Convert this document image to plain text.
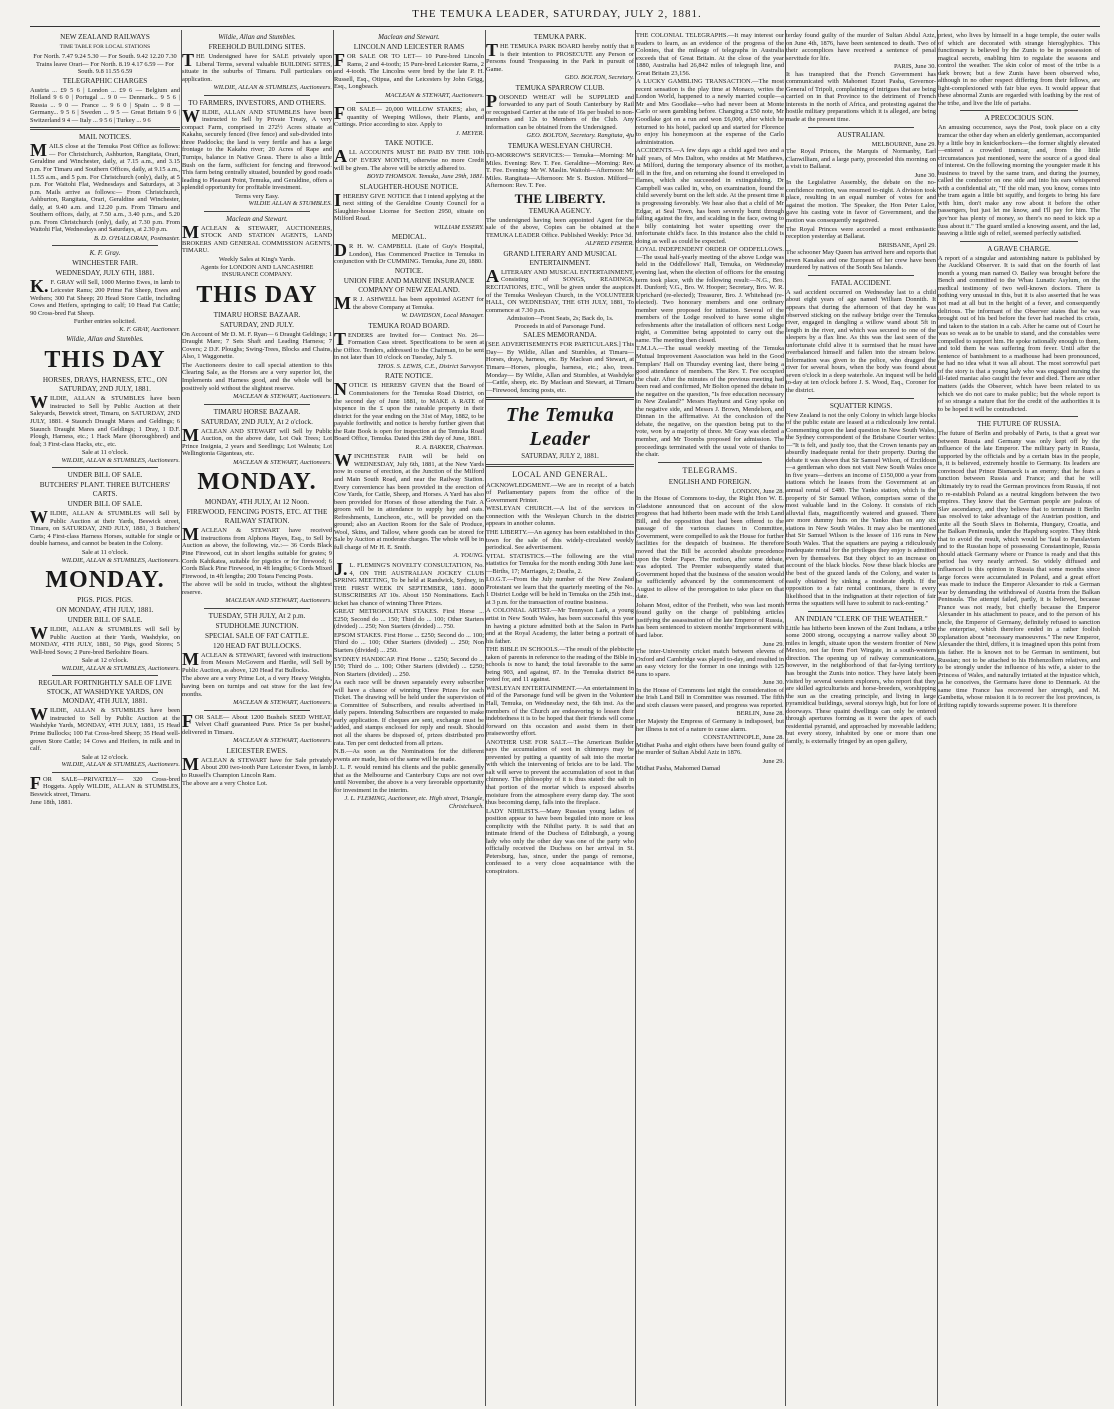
THE TEMUKA LEADER, SATURDAY, JULY 2, 1881.
NEW ZEALAND RAILWAYS
TIME TABLE FOR LOCAL STATIONS

For North. 7.47 9.24 5.30 — For South. 9.42 12.20 7.30

Trains leave Orari— For North. 8.19 4.17 6.59 — For South. 9.8 11.55 6.59

TELEGRAPHIC CHARGES

Austria ... £9 5 6 | London ... £9 6 — Belgium and Holland 9 6 0 | Portugal ... 9 0 — Denmark... 9 5 6 | Russia ... 9 0 — France ... 9 6 0 | Spain ... 9 8 — Germany... 9 5 6 | Sweden ... 9 5 — Great Britain 9 6 | Switzerland 9 4 — Italy ... 9 5 6 | Turkey ... 9 6

MAIL NOTICES.

MAILS close at the Temuka Post Office as follows:— For Christchurch, Ashburton, Rangitata, Orari, Geraldine and Winchester, daily, at 7.15 a.m., and 3.15 p.m. For Timaru and Southern Offices, daily, at 9.15 a.m., 11.55 a.m., and 5 p.m. For Christchurch (only), daily, at 5 p.m. For Waitohi Flat, Wednesdays and Saturdays, at 3 p.m. Mails arrive as follows:— From Christchurch, Ashburton, Rangitata, Orari, Geraldine and Winchester, daily, at 9.40 a.m. and 12.20 p.m. From Timaru and Southern offices, daily, at 7.50 a.m., 3.40 p.m., and 5.20 p.m. From Christchurch (only), daily, at 7.30 p.m. From Waitohi Flat, Wednesdays and Saturdays, at 2.30 p.m.

B. D. O'HALLORAN, Postmaster.

K. F. Gray.
WINCHESTER FAIR.
WEDNESDAY, JULY 6TH, 1881.

K.F. GRAY will Sell, 1000 Merino Ewes, in lamb to Leicester Rams; 200 Prime Fat Sheep, Ewes and Wethers; 300 Fat Sheep; 20 Head Store Cattle, including Cows and Heifers, springing to calf; 10 Head Fat Cattle; 90 Cross-bred Fat Sheep.

Further entries solicited.

K. F. GRAY, Auctioneer.

Wildie, Allan and Stumbles.
THIS DAY
HORSES, DRAYS, HARNESS, ETC., ON SATURDAY, 2ND JULY, 1881.

WILDIE, ALLAN & STUMBLES have been instructed to Sell by Public Auction at their Saleyards, Beswick street, Timaru, on SATURDAY, 2ND JULY, 1881. 4 Staunch Draught Mares and Geldings; 6 Staunch Draught Mares and Geldings; 1 Dray, 1 D.F. Plough, Harness, etc.; 1 Hack Mare (thoroughbred) and foal; 3 First-class Hacks, etc., etc.

Sale at 11 o'clock.

WILDIE, ALLAN & STUMBLES, Auctioneers.

UNDER BILL OF SALE.
BUTCHERS' PLANT. THREE BUTCHERS' CARTS.
UNDER BILL OF SALE.

WILDIE, ALLAN & STUMBLES will Sell by Public Auction at their Yards, Beswick street, Timaru, on SATURDAY, 2ND JULY, 1881, 3 Butchers' Carts; 4 First-class Harness Horses, suitable for single or double harness, and cannot be beaten in the Colony.

Sale at 11 o'clock.

WILDIE, ALLAN & STUMBLES, Auctioneers.

MONDAY.
PIGS. PIGS. PIGS.
ON MONDAY, 4TH JULY, 1881.
UNDER BILL OF SALE.

WILDIE, ALLAN & STUMBLES will Sell by Public Auction at their Yards, Washdyke, on MONDAY, 4TH JULY, 1881, 50 Pigs, good Stores; 5 Well-bred Sows; 2 Pure-bred Berkshire Boars.

Sale at 12 o'clock.

WILDIE, ALLAN & STUMBLES, Auctioneers.

REGULAR FORTNIGHTLY SALE OF LIVE STOCK, AT WASHDYKE YARDS, ON MONDAY, 4TH JULY, 1881.

WILDIE, ALLAN & STUMBLES have been instructed to Sell by Public Auction at the Washdyke Yards, MONDAY, 4TH JULY, 1881, 15 Head Prime Bullocks; 100 Fat Cross-bred Sheep; 35 Head well-grown Store Cattle; 14 Cows and Heifers, in milk and in calf.

Sale at 12 o'clock.

WILDIE, ALLAN & STUMBLES, Auctioneers.

FOR SALE—PRIVATELY— 320 Cross-bred Hoggets. Apply WILDIE, ALLAN & STUMBLES, Beswick street, Timaru.

June 18th, 1881.

Wildie, Allan and Stumbles.
FREEHOLD BUILDING SITES.

THE Undersigned have for SALE privately upon Liberal Terms, several valuable BUILDING SITES, situate in the suburbs of Timaru. Full particulars on application.

WILDIE, ALLAN & STUMBLES, Auctioneers.

TO FARMERS, INVESTORS, AND OTHERS.

WILDIE, ALLAN AND STUMBLES have been instructed to Sell by Private Treaty, A very compact Farm, comprised in 272½ Acres situate at Kakahu, securely fenced (five fence) and sub-divided into three Paddocks; the land is very fertile and has a large frontage to the Kakahu river; 20 Acres of Rape and Turnips, balance in Native Grass. There is also a little Bush on the farm, sufficient for fencing and firewood. This farm being centrally situated, bounded by good roads leading to Pleasant Point, Temuka, and Geraldine, offers a splendid opportunity for profitable investment.

Terms very Easy.

WILDIE ALLAN & STUMBLES.

Maclean and Stewart.

MACLEAN & STEWART, AUCTIONEERS, STOCK AND STATION AGENTS, LAND BROKERS AND GENERAL COMMISSION AGENTS, TIMARU.

Weekly Sales at King's Yards.

Agents for LONDON AND LANCASHIRE INSURANCE COMPANY.

THIS DAY
TIMARU HORSE BAZAAR.
SATURDAY, 2ND JULY.

On Account of Mr D. M. F. Ryan— 6 Draught Geldings; 1 Draught Mare; 7 Sets Shaft and Leading Harness; 7 Covers; 2 D.F. Ploughs; Swing-Trees, Blocks and Chains, Also, 1 Waggonette.

The Auctioneers desire to call special attention to this Clearing Sale, as the Horses are a very superior lot, the Implements and Harness good, and the whole will be positively sold without the slightest reserve.

MACLEAN & STEWART, Auctioneers.

TIMARU HORSE BAZAAR.
SATURDAY, 2ND JULY, At 2 o'clock.

MACLEAN AND STEWART will Sell by Public Auction, on the above date, Lot Oak Trees; Lot Prince Insignia, 2 years and Seedlings; Lot Walnuts; Lot Wellingtonia Giganteas, etc.

MACLEAN & STEWART, Auctioneers.

MONDAY.
MONDAY, 4TH JULY, At 12 Noon.
FIREWOOD, FENCING POSTS, ETC. AT THE RAILWAY STATION.

MACLEAN & STEWART have received instructions from Alphons Hayes, Esq., to Sell by Auction as above, the following, viz.:— 36 Cords Black Pine Firewood, cut in short lengths suitable for grates; 9 Cords Kahikatea, suitable for pigstics or for firewood; 6 Cords Black Pine Firewood, in 4ft lengths; 6 Cords Mixed Firewood, in 4ft lengths; 200 Totara Fencing Posts.

The above will be sold in trucks, without the slightest reserve.

MACLEAN AND STEWART, Auctioneers.

TUESDAY, 5TH JULY, At 2 p.m.
STUDHOLME JUNCTION.
SPECIAL SALE OF FAT CATTLE.
120 HEAD FAT BULLOCKS.

MACLEAN & STEWART, favored with instructions from Messrs McGovern and Hardie, will Sell by Public Auction, as above, 120 Head Fat Bullocks.

The above are a very Prime Lot, a d very Heavy Weights, having been on turnips and oat straw for the last few months.

MACLEAN & STEWART, Auctioneers.

FOR SALE— About 1200 Bushels SEED WHEAT, Velvet Chaff guaranteed Pure. Price 5s per bushel, delivered in Timaru.

MACLEAN & STEWART, Auctioneers.

LEICESTER EWES.

MACLEAN & STEWART have for Sale privately About 200 two-tooth Pure Leicester Ewes, in lamb to Russell's Champion Lincoln Ram.

The above are a very Choice Lot.

Maclean and Stewart.
LINCOLN AND LEICESTER RAMS

FOR SALE OR TO LET— 10 Pure-bred Lincoln Rams, 2 and 4-tooth; 15 Pure-bred Leicester Rams, 2 and 4-tooth. The Lincolns were bred by the late P. H. Russell, Esq., Otipua, and the Leicesters by John Grigg, Esq., Longbeach.

MACLEAN & STEWART, Auctioneers.

FOR SALE— 20,000 WILLOW STAKES; also, a quantity of Weeping Willows, their Plants, and Cuttings. Price according to size. Apply to

J. MEYER.

TAKE NOTICE.

ALL ACCOUNTS MUST BE PAID BY THE 10th OF EVERY MONTH, otherwise no more Credit will be given. The above will be strictly adhered to.

BOYD THOMSON. Temuka, June 29th, 1881.

SLAUGHTER-HOUSE NOTICE.

IHEREBY GIVE NOTICE that I intend applying at the next sitting of the Geraldine County Council for a Slaughter-house License for Section 2950, situate on Milford Road.

WILLIAM ESSERY.

MEDICAL.

DR H. W. CAMPBELL (Late of Guy's Hospital, London), Has Commenced Practice in Temuka in conjunction with Dr CUMMING. Temuka, June 20, 1880.

NOTICE.
UNION FIRE AND MARINE INSURANCE COMPANY OF NEW ZEALAND.

MR J. ASHWELL has been appointed AGENT for the above Company at Temuka.

W. DAVIDSON, Local Manager.

TEMUKA ROAD BOARD.

TENDERS are Invited for— Contract No. 26—Formation Cass street. Specifications to be seen at the Office. Tenders, addressed to the Chairman, to be sent in not later than 10 o'clock on Tuesday, July 5.

THOS. S. LEWIS, C.E., District Surveyor.

RATE NOTICE.

NOTICE IS HEREBY GIVEN that the Board of Commissioners for the Temuka Road District, on the second day of June 1881, to MAKE A RATE of sixpence in the £ upon the rateable property in their district for the year ending on the 31st of May, 1882, to be payable forthwith; and notice is hereby further given that the Rate Book is open for inspection at the Temuka Road Board Office, Temuka. Dated this 29th day of June, 1881.

R. A. BARKER, Chairman.

WINCHESTER FAIR will be held on WEDNESDAY, July 6th, 1881, at the New Yards now in course of erection, at the Junction of the Milford and Main South Road, and near the Railway Station. Every convenience has been provided in the erection of Cow Yards, for Cattle, Sheep, and Horses. A Yard has also been provided for Horses of those attending the Fair. A groom will be in attendance to supply hay and oats. Refreshments, Luncheon, etc., will be provided on the ground; also an Auction Room for the Sale of Produce, Wool, Skins, and Tallow, where goods can be stored for Sale by Auction at moderate charges. The whole will be in full charge of Mr H. E. Smith.

A. YOUNG.

J.L. FLEMING'S NOVELTY CONSULTATION, No. 4, ON THE AUSTRALIAN JOCKEY CLUB SPRING MEETING, To be held at Randwick, Sydney, in THE FIRST WEEK IN SEPTEMBER, 1881. 8000 SUBSCRIBERS AT 10s. About 150 Nominations. Each ticket has chance of winning Three Prizes.

GREAT METROPOLITAN STAKES. First Horse ... £250; Second do ... 150; Third do ... 100; Other Starters (divided) ... 250; Non Starters (divided) ... 750.

EPSOM STAKES. First Horse ... £250; Second do ... 100; Third do ... 100; Other Starters (divided) ... 250; Non Starters (divided) ... 250.

SYDNEY HANDICAP. First Horse ... £250; Second do ... 150; Third do ... 100; Other Starters (divided) ... £250; Non Starters (divided) ... 250.

As each race will be drawn separately every subscriber will have a chance of winning Three Prizes for each Ticket. The drawing will be held under the supervision of a Committee of Subscribers, and results advertised in daily papers. Intending Subscribers are requested to make early application. If cheques are sent, exchange must be added, and stamps enclosed for reply and result. Should not all the shares be disposed of, prizes distributed pro rata. Ten per cent deducted from all prizes.

N.B.—As soon as the Nominations for the different events are made, lists of the same will be made.

J. L. F. would remind his clients and the public generally that as the Melbourne and Canterbury Cups are not over until November, the above is a very favorable opportunity for investment in the interim.

J. L. FLEMING, Auctioneer, etc. High street, Triangle, Christchurch.

TEMUKA PARK.

THE TEMUKA PARK BOARD hereby notify that it is their intention to PROSECUTE any Person or Persons found Trespassing in the Park in pursuit of Game.

GEO. BOLTON, Secretary.

TEMUKA SPARROW CLUB.

POISONED WHEAT will be SUPPLIED and forwarded to any part of South Canterbury by Rail or recognised Carrier at the rate of 16s per bushel to non-members and 12s to Members of the Club. Any information can be obtained from the Undersigned.

GEO. BOLTON, Secretary. Rangitata, 4ju

TEMUKA WESLEYAN CHURCH.

TO-MORROW'S SERVICES:— Temuka—Morning: Mr Miles. Evening: Rev. T. Fee. Geraldine—Morning: Rev. T. Fee. Evening: Mr W. Maslin. Waitohi—Afternoon: Mr Miles. Rangitata—Afternoon: Mr S. Buxton. Milford—Afternoon: Rev. T. Fee.

THE LIBERTY.
TEMUKA AGENCY.

The undersigned having been appointed Agent for the sale of the above, Copies can be obtained at the TEMUKA LEADER Office. Published Weekly: Price 3d.

ALFRED FISHER.

GRAND LITERARY AND MUSICAL ENTERTAINMENT.

ALITERARY AND MUSICAL ENTERTAINMENT, Consisting of SONGS, READINGS, RECITATIONS, ETC., Will be given under the auspices of the Temuka Wesleyan Church, in the VOLUNTEER HALL, ON WEDNESDAY, THE 6TH JULY, 1881, To commence at 7.30 p.m.

Admission—Front Seats, 2s; Back do, 1s.

Proceeds in aid of Parsonage Fund.

SALES MEMORANDA.

[SEE ADVERTISEMENTS FOR PARTICULARS.] This Day— By Wildie, Allan and Stumbles, at Timaru—Horses, drays, harness, etc. By Maclean and Stewart, at Timaru—Horses, ploughs, harness, etc.; also, trees. Monday— By Wildie, Allan and Stumbles, at Washdyke—Cattle, sheep, etc. By Maclean and Stewart, at Timaru—Firewood, fencing posts, etc.

The Temuka Leader
SATURDAY, JULY 2, 1881.
LOCAL AND GENERAL.

ACKNOWLEDGMENT.—We are in receipt of a batch of Parliamentary papers from the office of the Government Printer.

WESLEYAN CHURCH.—A list of the services in connection with the Wesleyan Church in the district appears in another column.

THE LIBERTY.—An agency has been established in this town for the sale of this widely-circulated weekly periodical. See advertisement.

VITAL STATISTICS.—The following are the vital statistics for Temuka for the month ending 30th June last:—Births, 17; Marriages, 2; Deaths, 2.

I.O.G.T.—From the July number of the New Zealand Protestant we learn that the quarterly meeting of the No. 1 District Lodge will be held in Temuka on the 25th inst., at 3 p.m. for the transaction of routine business.

A COLONIAL ARTIST.—Mr Tennyson Lark, a young artist in New South Wales, has been successful this year in having a picture admitted both at the Salon in Paris and at the Royal Academy, the latter being a portrait of his father.

THE BIBLE IN SCHOOLS.—The result of the plebiscite taken of parents in reference to the reading of the Bible in schools is now to hand; the total favorable to the same being 903, and against, 87. In the Temuka district 84 voted for, and 11 against.

WESLEYAN ENTERTAINMENT.—An entertainment in aid of the Parsonage fund will be given in the Volunteer Hall, Temuka, on Wednesday next, the 6th inst. As the members of the Church are endeavoring to lessen their indebtedness it is to be hoped that their friends will come forward on this occasion and assist them in their praiseworthy effort.

ANOTHER USE FOR SALT.—The American Builder says the accumulation of soot in chimneys may be prevented by putting a quantity of salt into the mortar with which the intervening of bricks are to be laid. The salt will serve to prevent the accumulation of soot in that chimney. The philosophy of it is thus stated: the salt in that portion of the mortar which is exposed absorbs moisture from the atmosphere every damp day. The soot thus becoming damp, falls into the fireplace.

LADY NIHILISTS.—Many Russian young ladies of position appear to have been beguiled into more or less complicity with the Nihilist party. It is said that an intimate friend of the Duchess of Edinburgh, a young lady who only the other day was one of the party who officially received the Duchess on her arrival in St. Petersburg, has, since, under the pangs of remorse, confessed to a very close acquaintance with the conspirators.

THE COLONIAL TELEGRAPHS.—It may interest our readers to learn, as an evidence of the progress of the Colonies, that the mileage of telegraphs in Australia exceeds that of Great Britain. At the close of the year 1880, Australia had 26,842 miles of telegraph line, and Great Britain 23,156.

A LUCKY GAMBLING TRANSACTION.—The most recent sensation is the play time at Monaco, writes the London World, happened to a newly married couple—a Mr and Mrs Goodlake—who had never been at Monte Carlo or seen gambling before. Changing a £50 note, Mr Goodlake got on a run and won £6,000, after which he returned to his hotel, packed up and started for Florence to enjoy his honeymoon at the expense of the Carlo administration.

ACCIDENTS.—A few days ago a child aged two and a half years, of Mrs Dalton, who resides at Mr Matthews, at Milford, during the temporary absence of its mother, fell in the fire, and on returning she found it enveloped in flames, which she succeeded in extinguishing. Dr Campbell was called in, who, on examination, found the child severely burnt on the left side. At the present time it is progressing favorably. We hear also that a child of Mr Edgar, at Seal Town, has been severely burnt through falling against the fire, and scalding in the face, owing to a billy containing hot water upsetting over the unfortunate child's face. In this instance also the child is doing as well as could be expected.

LOYAL INDEPENDENT ORDER OF ODDFELLOWS.—The usual half-yearly meeting of the above Lodge was held in the Oddfellows' Hall, Temuka, on Wednesday evening last, when the election of officers for the ensuing term took place, with the following result:—N.G., Bro. H. Dunford; V.G., Bro. W. Hooper; Secretary, Bro. W. R. Uprichard (re-elected); Treasurer, Bro. J. Whitehead (re-elected). Two honorary members and one ordinary member were proposed for initiation. Several of the members of the Lodge resolved to have some slight refreshments after the installation of officers next Lodge night, a Committee being appointed to carry out the same. The meeting then closed.

T.M.I.A.—The usual weekly meeting of the Temuka Mutual Improvement Association was held in the Good Templars' Hall on Thursday evening last, there being a good attendance of members. The Rev. T. Fee occupied the chair. After the minutes of the previous meeting had been read and confirmed, Mr Bolton opened the debate in the negative on the question, "Is free education necessary in New Zealand?" Messrs Hayhurst and Gray spoke on the negative side, and Messrs J. Brown, Mendelson, and Dinnan in the affirmative. At the conclusion of the debate, the negative, on the question being put to the vote, won by a majority of three. Mr Gray was elected a member, and Mr Toombs proposed for admission. The proceedings terminated with the usual vote of thanks to the chair.

TELEGRAMS.
ENGLISH AND FOREIGN.

LONDON, June 28.

In the House of Commons to-day, the Right Hon W. E. Gladstone announced that on account of the slow progress that had hitherto been made with the Irish Land Bill, and the opposition that had been offered to the passage of the various clauses in Committee, Government, were compelled to ask the House for further facilities for the despatch of business. He therefore moved that the Bill be accorded absolute precedence upon the Order Paper. The motion, after some debate, was adopted. The Premier subsequently stated that Government hoped that the business of the session would be sufficiently advanced by the commencement of August to allow of the prorogation to take place on that date.

Johann Most, editor of the Freiheit, who was last month found guilty on the charge of publishing articles justifying the assassination of the late Emperor of Russia, has been sentenced to sixteen months' imprisonment with hard labor.

June 29.

The inter-University cricket match between elevens of Oxford and Cambridge was played to-day, and resulted in an easy victory for the former in one innings with 125 runs to spare.

June 30.

In the House of Commons last night the consideration of the Irish Land Bill in Committee was resumed. The fifth and sixth clauses were passed, and progress was reported.

BERLIN, June 28.

Her Majesty the Empress of Germany is indisposed, but her illness is not of a nature to cause alarm.

CONSTANTINOPLE, June 28.

Midhat Pasha and eight others have been found guilty of the murder of Sultan Abdul Aziz in 1876.

June 29.

Midhat Pasha, Mahomed Damad

terday found guilty of the murder of Sultan Abdul Aziz, on June 4th, 1876, have been sentenced to death. Two of their accomplices have received a sentence of penal servitude for life.

PARIS, June 30.

It has transpired that the French Government has communicated with Mahomet Ezzet Pasha, Governor-General of Tripoli, complaining of intrigues that are being carried on in that Province to the detriment of French interests in the north of Africa, and protesting against the hostile military preparations which it is alleged, are being made at the present time.

AUSTRALIAN.

MELBOURNE, June 29.

The Royal Princes, the Marquis of Normanby, Earl Clanwilliam, and a large party, proceeded this morning on a visit to Ballarat.

June 30.

In the Legislative Assembly, the debate on the no-confidence motion, was resumed to-night. A division took place, resulting in an equal number of votes for and against the motion. The Speaker, the Hon Peter Lalor, gave his casting vote in favor of Government, and the motion was consequently negatived.

The Royal Princes were accorded a most enthusiastic reception yesterday at Ballarat.

BRISBANE, April 29.

The schooner May Queen has arrived here and reports that seven Kanakas and one European of her crew have been murdered by natives of the South Sea Islands.

FATAL ACCIDENT.

A sad accident occurred on Wednesday last to a child about eight years of age named William Donnith. It appears that during the afternoon of that day he was observed sticking on the railway bridge over the Temuka river, engaged in dangling a willow wand about 5ft in length in the river, and which was secured to one of the sleepers by a flax line. As this was the last seen of the unfortunate child alive it is surmised that he must have overbalanced himself and fallen into the stream below. Information was given to the police, who dragged the river for several hours, when the body was found about seven o'clock in a deep waterhole. An inquest will be held to-day at ten o'clock before J. S. Wood, Esq., Coroner for the district.

SQUATTER KINGS.

New Zealand is not the only Colony in which large blocks of the public estate are leased at a ridiculously low rental. Commenting upon the land question in New South Wales, the Sydney correspondent of the Brisbane Courier writes:—"It is felt, and justly too, that the Crown tenants pay an absurdly inadequate rental for their property. During the debate it was shown that Sir Samuel Wilson, of Ercildoun—a gentleman who does not visit New South Wales once in five years—derives an income of £150,000 a year from stations which he leases from the Government at an annual rental of £480. The Yanko station, which is the property of Sir Samuel Wilson, comprises some of the most valuable land in the Colony. It consists of rich alluvial flats, magnificently watered and grassed. There are more dummy huts on the Yanko than on any six stations in New South Wales. It may also be mentioned that Sir Samuel Wilson is the lessee of 116 runs in New South Wales. That the squatters are paying a ridiculously inadequate rental for the privileges they enjoy is admitted even by themselves. But they object to an increase on account of the black blocks. Now these black blocks are the best of the grazed lands of the Colony, and water is easily obtained by sinking a moderate depth. If the opposition to a fair rental continues, there is every likelihood that in the indignation at their rejection of fair terms the squatters will have to submit to rack-renting."

AN INDIAN "CLERK OF THE WEATHER."

Little has hitherto been known of the Zuni Indians, a tribe some 2000 strong, occupying a narrow valley about 30 miles in length, situate upon the western frontier of New Mexico, not far from Fort Wingate, in a south-western direction. The opening up of railway communications, however, in the neighborhood of that far-lying territory has brought the Zunis into notice. They have lately been visited by several western explorers, who report that they are skilled agriculturists and horse-breeders, worshipping the sun as the creating principle, and living in large pyramidical buildings, several storeys high, but for lore of doorways. These quaint dwellings can only be entered through apertures forming as it were the apex of each residential pyramid, and approached by moveable ladders; but every storey, inhabited by one or more than one family, is externally fringed by an open gallery,

priest, who lives by himself in a huge temple, the outer walls of which are decorated with strange hieroglyphics. This functionary is believed by the Zunis to be in possession of magical secrets, enabling him to regulate the seasons and control the weather. The skin color of most of the tribe is a dark brown; but a few Zunis have been observed who, although in no other respect differing from their fellows, are light-complexioned with fair blue eyes. It would appear that these abnormal Zunis are regarded with loathing by the rest of the tribe, and live the life of pariahs.

A PRECOCIOUS SON.

An amusing occurrence, says the Post, took place on a city tramcar the other day when an elderly gentleman, accompanied by a little boy in knickerbockers—the former slightly elevated—entered a crowded tramcar, and, from the little circumstances just mentioned, were the source of a good deal of interest. On the following morning the youngster made it his business to travel by the same tram, and during the journey, called the conductor on one side and into his ears whispered with a confidential air, "If the old man, you know, comes into the tram again a little bit squiffy, and forgets to bring his fare with him, don't make any row about it before the other passengers, but just let me know, and I'll pay for him. The gov'nor has plenty of money, so there's no need to kick up a fuss about it." The guard smiled a knowing assent, and the lad, heaving a little sigh of relief, seemed perfectly satisfied.

A GRAVE CHARGE.

A report of a singular and astonishing nature is published by the Auckland Observer. It is said that on the fourth of last month a young man named O. Bailey was brought before the Bench and committed to the Whau Lunatic Asylum, on the medical testimony of two well-known doctors. There is nothing very unusual in this, but it is also asserted that he was not mad at all but in the height of a fever, and consequently delirious. The informant of the Observer states that he was brought out of his bed before the fever had reached its crisis, and taken to the station in a cab. After he came out of Court he was so weak as to be unable to stand, and the constables were compelled to support him. He spoke rationally enough to them, and told them he was suffering from fever. Until after the sentence of banishment to a madhouse had been pronounced, he had no idea what it was all about. The most sorrowful part of the story is that a young lady who was engaged nursing the ill-fated maniac also caught the fever and died. There are other matters (adds the Observer, which have been related to us which we do not care to make public; but the whole report is of so strange a nature that for the credit of the authorities it is to be hoped it will be contradicted.

THE FUTURE OF RUSSIA.

The future of Berlin and probably of Paris, is that a great war between Russia and Germany was only kept off by the influence of the late Emperor. The military party in Russia, supported by the officials and by a certain bias in the people, is, it is believed, extremely hostile to Germany. Its leaders are convinced that Prince Bismarck is an enemy; that he fears a junction between Russia and France; and that he will ultimately try to read the German provinces from Russia, if not to re-establish Poland as a neutral kingdom between the two empires. They know that the German people are jealous of Slav ascendancy, and they believe that to terminate it Berlin has resolved to take advantage of the Austrian position, and unite all the South Slavs in Bohemia, Hungary, Croatia, and the Balkan Peninsula, under the Hapsburg sceptre. They think that to avoid the result, which would be 'fatal to Panslavism and to the Russian hope of possessing Constantinople, Russia should attack Germany where or France is ready and that this period has very nearly arrived. So widely diffused and influenced is this opinion in Russia that some months since large forces were accumulated in Poland, and a great effort was made to induce the Emperor Alexander to risk a German war by demanding the withdrawal of Austria from the Balkan Peninsula. The attempt failed, partly, it is believed, because France was not ready, but chiefly because the Emperor Alexander in his attachment to peace, and to the person of his uncle, the Emperor of Germany, definitely refused to sanction the enterprise, which therefore ended in a rather foolish explanation about "necessary manoeuvres." The new Emperor, Alexander the third, differs, it is imagined upon this point from his father. He is known not to be German in sentiment, but Russian; not to be attached to his Hohenzollern relatives, and to be strongly under the influence of his wife, a sister to the Princess of Wales, and naturally irritated at the injustice which, as he conceives, the Germans have done to Denmark. At the same time France has recovered her strength, and M. Gambetta, whose mission it is to recover the lost provinces, is drifting rapidly towards supreme power. It is therefore
